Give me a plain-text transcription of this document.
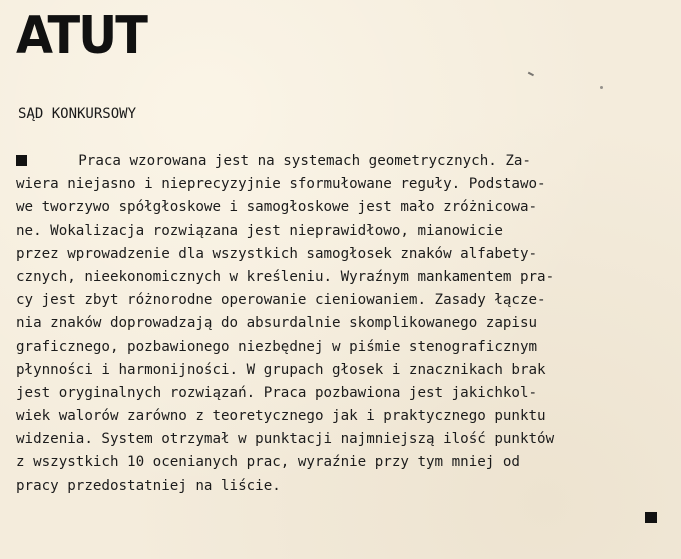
ATUT
SĄD KONKURSOWY
Praca wzorowana jest na systemach geometrycznych. Za-
wiera niejasno i nieprecyzyjnie sformułowane reguły. Podstawo-
we tworzywo spółgłoskowe i samogłoskowe jest mało zróżnicowa-
ne. Wokalizacja rozwiązana jest nieprawidłowo, mianowicie
przez wprowadzenie dla wszystkich samogłosek znaków alfabety-
cznych, nieekonomicznych w kreśleniu. Wyraźnym mankamentem pra-
cy jest zbyt różnorodne operowanie cieniowaniem. Zasady łącze-
nia znaków doprowadzają do absurdalnie skomplikowanego zapisu
graficznego, pozbawionego niezbędnej w piśmie stenograficznym
płynności i harmonijności. W grupach głosek i znacznikach brak
jest oryginalnych rozwiązań. Praca pozbawiona jest jakichkol-
wiek walorów zarówno z teoretycznego jak i praktycznego punktu
widzenia. System otrzymał w punktacji najmniejszą ilość punktów
z wszystkich 10 ocenianych prac, wyraźnie przy tym mniej od
pracy przedostatniej na liście.
